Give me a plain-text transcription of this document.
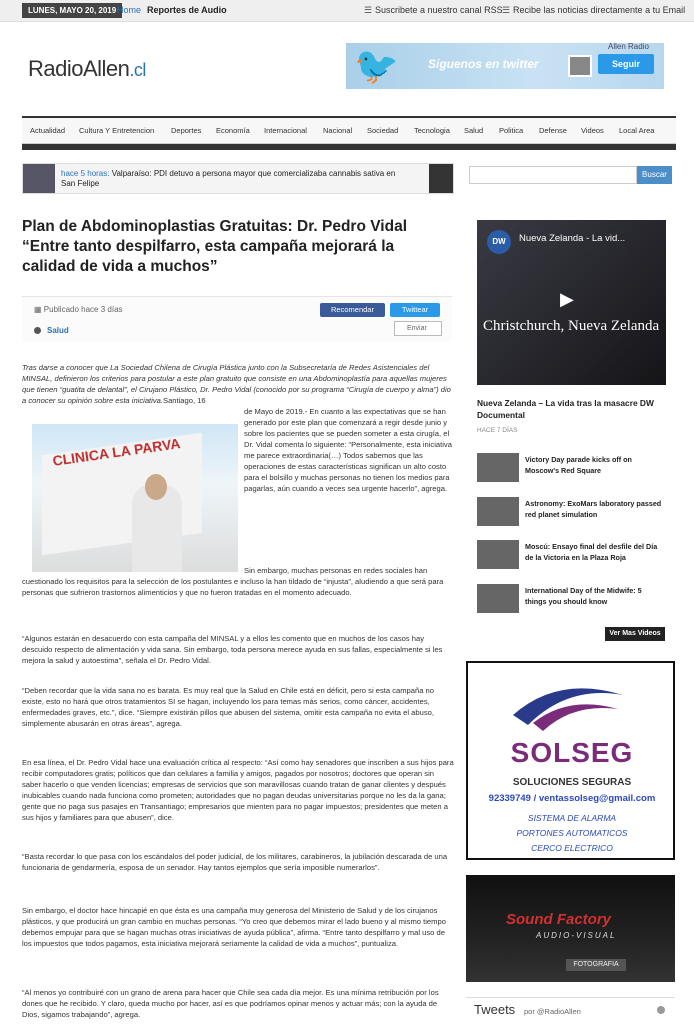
LUNES, MAYO 20, 2019 Home Reportes de Audio	☰ Suscribete a nuestro canal RSS ☰ Recibe las noticias directamente a tu Email
RadioAllen.cl	🐦 Siguenos en twitter
Allen Radio
Seguir
Actualidad Cultura Y Entretencion Deportes Economía Internacional Nacional Sociedad Tecnologia Salud Politica Defense Videos Local Area
hace 5 horas: Valparaíso: PDI detuvo a persona mayor que comercializaba cannabis sativa en San Felipe
Buscar
Plan de Abdominoplastias Gratuitas: Dr. Pedro Vidal “Entre tanto despilfarro, esta campaña mejorará la calidad de vida a muchos”
▦ Publicado hace 3 días
Salud
Recomendar	Twittear
Enviar
Tras darse a conocer que La Sociedad Chilena de Cirugía Plástica junto con la Subsecretaría de Redes Asistenciales del MINSAL, definieron los criterios para postular a este plan gratuito que consiste en una Abdominoplastía para aquellas mujeres que tienen “guatita de delantal”, el Cirujano Plástico, Dr. Pedro Vidal (conocido por su programa “Cirugía de cuerpo y alma”) dio a conocer su opinión sobre esta iniciativa.Santiago, 16
CLINICA LA PARVA
de Mayo de 2019.- En cuanto a las expectativas que se han generado por este plan que comenzará a regir desde junio y sobre los pacientes que se pueden someter a esta cirugía, el Dr. Vidal comenta lo siguiente: “Personalmente, esta iniciativa me parece extraordinaria(…) Todos sabemos que las operaciones de estas características significan un alto costo para el bolsillo y muchas personas no tienen los medios para pagarlas, aún cuando a veces sea urgente hacerlo”, agrega.
Sin embargo, muchas personas en redes sociales han
cuestionado los requisitos para la selección de los postulantes e incluso la han tildado de “injusta”, aludiendo a que será para personas que sufrieron trastornos alimenticios y que no fueron tratadas en el momento adecuado.
“Algunos estarán en desacuerdo con esta campaña del MINSAL y a ellos les comento que en muchos de los casos hay descuido respecto de alimentación y vida sana. Sin embargo, toda persona merece ayuda en sus fallas, especialmente si les mejora la salud y autoestima”, señala el Dr. Pedro Vidal.
“Deben recordar que la vida sana no es barata. Es muy real que la Salud en Chile está en déficit, pero si esta campaña no existe, esto no hará que otros tratamientos SI se hagan, incluyendo los para temas más serios, como cáncer, accidentes, enfermedades graves, etc.”, dice. “Siempre existirán pillos que abusen del sistema, omitir esta campaña no evita el abuso, simplemente abusarán en otras áreas”, agrega.
En esa línea, el Dr. Pedro Vidal hace una evaluación crítica al respecto: “Así como hay senadores que inscriben a sus hijos para recibir computadores gratis; políticos que dan celulares a familia y amigos, pagados por nosotros; doctores que operan sin saber hacerlo o que venden licencias; empresas de servicios que son maravillosas cuando tratan de ganar clientes y después inubicables cuando nada funciona como prometen; autoridades que no pagan deudas universitarias porque no les da la gana; gente que no paga sus pasajes en Transantiago; empresarios que mienten para no pagar impuestos; presidentes que meten a sus hijos y familiares para que abusen”, dice.
“Basta recordar lo que pasa con los escándalos del poder judicial, de los militares, carabineros, la jubilación descarada de una funcionaria de gendarmería, esposa de un senador. Hay tantos ejemplos que sería imposible numerarlos”.
Sin embargo, el doctor hace hincapié en que ésta es una campaña muy generosa del Ministerio de Salud y de los cirujanos plásticos, y que producirá un gran cambio en muchas personas. “Yo creo que debemos mirar el lado bueno y al mismo tiempo debemos empujar para que se hagan muchas otras iniciativas de ayuda pública”, afirma. “Entre tanto despilfarro y mal uso de los impuestos que todos pagamos, esta iniciativa mejorará seriamente la calidad de vida a muchos”, puntualiza.
“Al menos yo contribuiré con un grano de arena para hacer que Chile sea cada día mejor. Es una mínima retribución por los dones que he recibido. Y claro, queda mucho por hacer, así es que podríamos opinar menos y actuar más; con la ayuda de Dios, sigamos trabajando”, agrega.
DW	Nueva Zelanda - La vid...
▶
Christchurch, Nueva Zelanda
Nueva Zelanda – La vida tras la masacre DW Documental
HACE 7 DÍAS
Victory Day parade kicks off on Moscow's Red Square
Astronomy: ExoMars laboratory passed red planet simulation
Moscú: Ensayo final del desfile del Día de la Victoria en la Plaza Roja
International Day of the Midwife: 5 things you should know
Ver Mas Videos
SOLSEG
SOLUCIONES SEGURAS
92339749 / ventassolseg@gmail.com
SISTEMA DE ALARMA
PORTONES AUTOMATICOS
CERCO ELECTRICO
Sound Factory
AUDIO-VISUAL
FOTOGRAFIA
Tweets por @RadioAllen
